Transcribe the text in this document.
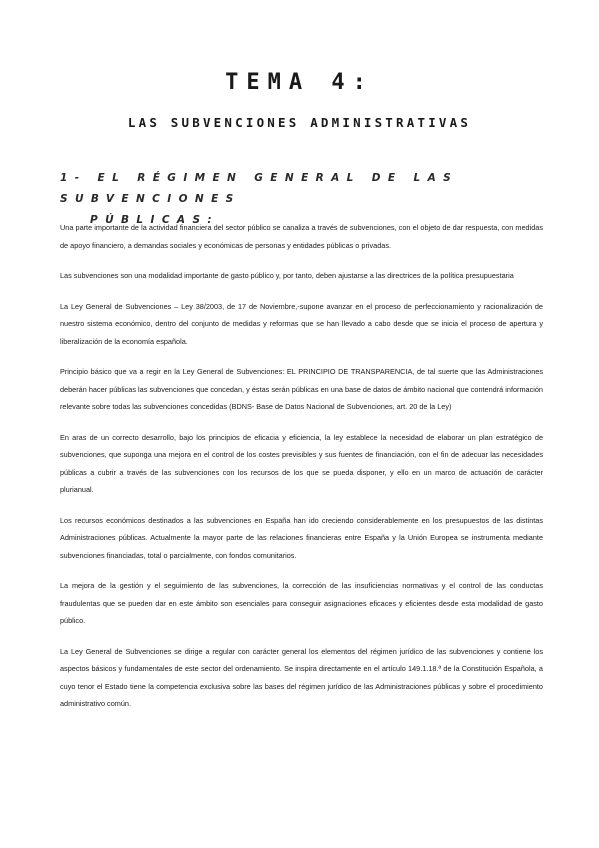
TEMA 4:
LAS SUBVENCIONES ADMINISTRATIVAS
1- EL RÉGIMEN GENERAL DE LAS SUBVENCIONES
PÚBLICAS:

Una parte importante de la actividad financiera del sector público se canaliza a través de subvenciones, con el objeto de dar respuesta, con medidas de apoyo financiero, a demandas sociales y económicas de personas y entidades públicas o privadas.

Las subvenciones son una modalidad importante de gasto público y, por tanto, deben ajustarse a las directrices de la política presupuestaria

La Ley General de Subvenciones – Ley 38/2003, de 17 de Noviembre,-supone avanzar en el proceso de perfeccionamiento y racionalización de nuestro sistema económico, dentro del conjunto de medidas y reformas que se han llevado a cabo desde que se inicia el proceso de apertura y liberalización de la economía española.

Principio básico que va a regir en la Ley General de Subvenciones: EL PRINCIPIO DE TRANSPARENCIA, de tal suerte que las Administraciones deberán hacer públicas las subvenciones que concedan, y éstas serán públicas en una base de datos de ámbito nacional que contendrá información relevante sobre todas las subvenciones concedidas (BDNS- Base de Datos Nacional de Subvenciones, art. 20 de la Ley)

En aras de un correcto desarrollo, bajo los principios de eficacia y eficiencia, la ley establece la necesidad de elaborar un plan estratégico de subvenciones, que suponga una mejora en el control de los costes previsibles y sus fuentes de financiación, con el fin de adecuar las necesidades públicas a cubrir a través de las subvenciones con los recursos de los que se pueda disponer, y ello en un marco de actuación de carácter plurianual.

Los recursos económicos destinados a las subvenciones en España han ido creciendo considerablemente en los presupuestos de las distintas Administraciones públicas. Actualmente la mayor parte de las relaciones financieras entre España y la Unión Europea se instrumenta mediante subvenciones financiadas, total o parcialmente, con fondos comunitarios.

La mejora de la gestión y el seguimiento de las subvenciones, la corrección de las insuficiencias normativas y el control de las conductas fraudulentas que se pueden dar en este ámbito son esenciales para conseguir asignaciones eficaces y eficientes desde esta modalidad de gasto público.

La Ley General de Subvenciones se dirige a regular con carácter general los elementos del régimen jurídico de las subvenciones y contiene los aspectos básicos y fundamentales de este sector del ordenamiento. Se inspira directamente en el artículo 149.1.18.ª de la Constitución Española, a cuyo tenor el Estado tiene la competencia exclusiva sobre las bases del régimen jurídico de las Administraciones públicas y sobre el procedimiento administrativo común.
